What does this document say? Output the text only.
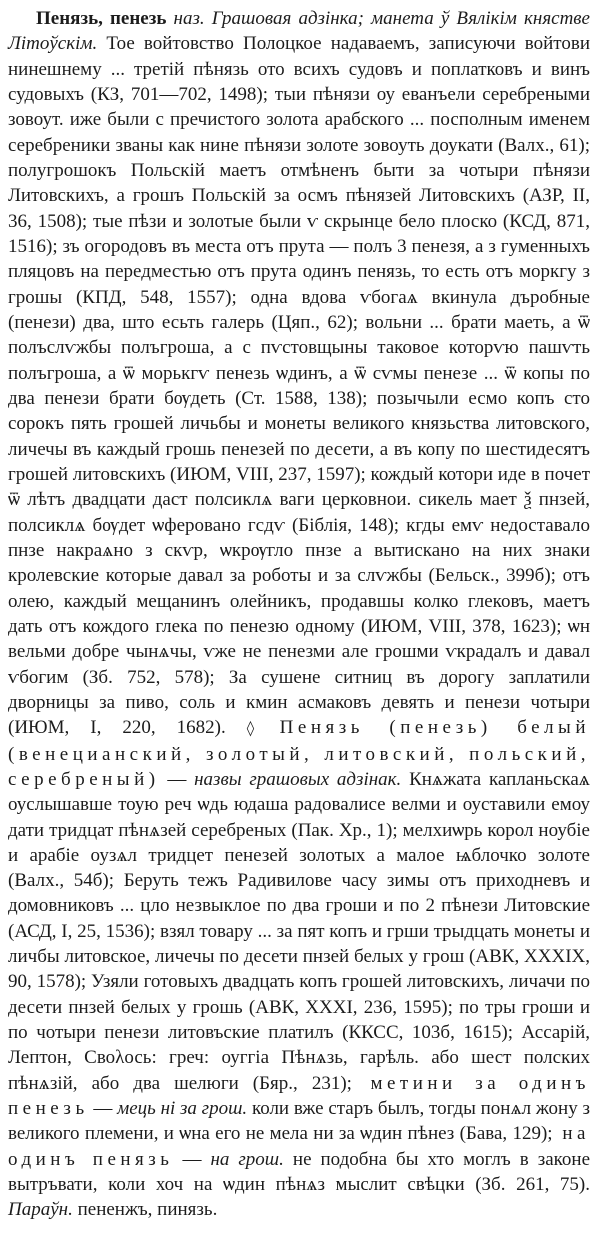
Пенязь, пенезь наз. Грашовая адзінка; манета ў Вялікім княстве Літоўскім. Тое войтовство Полоцкое надаваемъ, записуючи войтови нинешнему ... третій пѣнязь ото всихъ судовъ и поплатковъ и винъ судовыхъ (КЗ, 701—702, 1498); тыи пѣнязи оу еванъели серебреными зовоут. иже были с пречистого золота арабского ... посполным именем серебреники званы как нине пѣнязи золоте зовоуть доукати (Валх., 61); полугрошокъ Польскій маетъ отмѣненъ быти за чотыри пѣнязи Литовскихъ, а грошъ Польскій за осмъ пѣнязей Литовскихъ (АЗР, II, 36, 1508); тые пѣзи и золотые были ѵ скрынце бело плоско (КСД, 871, 1516); зъ огородовъ въ места отъ прута — полъ 3 пенезя, а з гуменныхъ пляцовъ на передместью отъ прута одинъ пенязь, то есть отъ моркгу з грошы (КПД, 548, 1557); одна вдова ѵбогаѧ вкинула дърoбные (пенези) два, што есьть галерь (Цяп., 62); вольни ... брати маеть, а ѿ полъслѵжбы полъгроша, а с пѵстовщыны таковое которѵю пашѵть полъгроша, а ѿ морькгѵ пенезь ѡдинъ, а ѿ сѵмы пенезе ... ѿ копы по два пенези брати бѹдеть (Ст. 1588, 138); позычыли есмо копъ сто сорокъ пять грошей личьбы и монеты великого князьства литовского, личечы въ каждый грошь пенезей по десети, а въ копу по шестидесятъ грошей литовскихъ (ИЮМ, VIII, 237, 1597); кождый котори иде в почет ѿ лѣтъ двадцати даст полсиклѧ ваги церковнои. сикель мает ѯ пнзей, полсиклѧ бѹдет ѡферовано гсдѵ (Біблія, 148); кгды емѵ недоставало пнзе накраѧно з скѵр, ѡкрѹгло пнзе а вытискано на них знаки кролевские которые давал за роботы и за слѵжбы (Бельск., 399б); отъ олею, каждый мещанинъ олейникъ, продавшы колко глековъ, маетъ дать отъ кождого глека по пенезю одному (ИЮМ, VIII, 378, 1623); ѡн вельми добре чынѧчы, ѵже не пенезми але грошми ѵкрадалъ и давал ѵбогим (Зб. 752, 578); За сушене ситниц въ дорогу заплатили дворницы за пиво, соль и кмин асмаковъ девять и пенези чотыри (ИЮМ, I, 220, 1682). ◊ Пенязь (пенезь) белый (венецианский, золотый, литовский, польский, серебреный) — назвы грашовых адзінак. Кнѧжата капланьскаѧ оуслышавше тоую реч ѡдь юдаша радовалисе велми и оуставили емоу дати тридцат пѣнѧзей серебреных (Пак. Хр., 1); мелхиѡрь корол ноубіе и арабіе оузѧл тридцет пенезей золотых а малое ѩблочко золоте (Валх., 54б); Беруть тежъ Радивилове часу зимы отъ приходневъ и домовниковъ ... цло незвыклое по два гроши и по 2 пѣнези Литовские (АСД, I, 25, 1536); взял товару ... за пят копъ и грши трыдцать монеты и личбы литовское, личечы по десети пнзей белых у грош (АВК, XXXIX, 90, 1578); Узяли готовыхъ двадцать копъ грошей литовскихъ, личачи по десети пнзей белых у грошь (АВК, XXXI, 236, 1595); по тры гроши и по чотыри пенези литовъские платилъ (ККСС, 103б, 1615); Ассарій, Лептон, Своλось: греч: оуггіа Пѣнѧзь, гарѣль. або шест полских пѣнѧзій, або два шелюги (Бяр., 231); метини за одинъ пенезь — мець ні за грош. коли вже старъ былъ, тогды понѧл жону з великого племени, и ѡна его не мела ни за ѡдин пѣнез (Бава, 129); на одинъ пенязь — на грош. не подобна бы хто моглъ в законе вытръвати, коли хоч на ѡдин пѣнѧз мыслит свѣцки (Зб. 261, 75). Параўн. пененжъ, пинязь.
